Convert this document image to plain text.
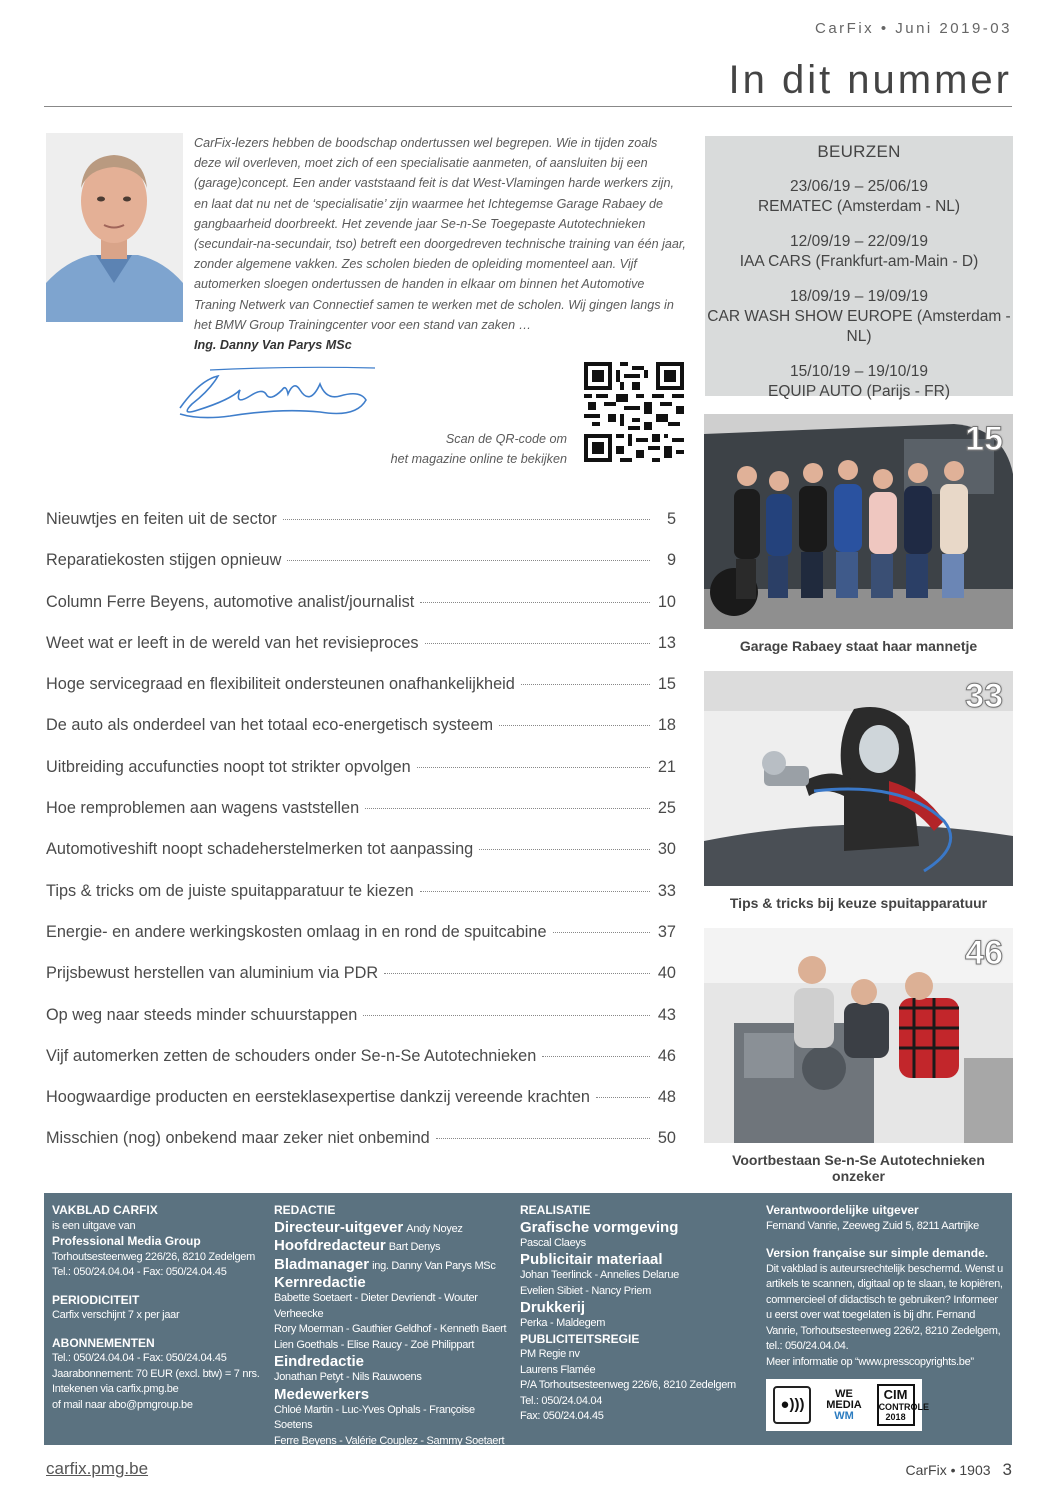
CarFix • Juni 2019-03
In dit nummer

CarFix-lezers hebben de boodschap ondertussen wel begrepen. Wie in tijden zoals deze wil overleven, moet zich of een specialisatie aanmeten, of aansluiten bij een (garage)concept. Een ander vaststaand feit is dat West-Vlamingen harde werkers zijn, en laat dat nu net de ‘specialisatie’ zijn waarmee het Ichtegemse Garage Rabaey de gangbaarheid doorbreekt. Het zevende jaar Se-n-Se Toegepaste Autotechnieken (secundair-na-secundair, tso) betreft een doorgedreven technische training van één jaar, zonder algemene vakken. Zes scholen bieden de opleiding momenteel aan. Vijf automerken sloegen ondertussen de handen in elkaar om binnen het Automotive Traning Netwerk van Connectief samen te werken met de scholen. Wij gingen langs in het BMW Group Trainingcenter voor een stand van zaken …

Ing. Danny Van Parys MSc

Scan de QR-code om
het magazine online te bekijken
BEURZEN
23/06/19 – 25/06/19
REMATEC (Amsterdam - NL)
12/09/19 – 22/09/19
IAA CARS (Frankfurt-am-Main - D)
18/09/19 – 19/09/19
CAR WASH SHOW EUROPE (Amsterdam - NL)
15/10/19 – 19/10/19
EQUIP AUTO (Parijs - FR)
Nieuwtjes en feiten uit de sector	5
Reparatiekosten stijgen opnieuw	9
Column Ferre Beyens, automotive analist/journalist	10
Weet wat er leeft in de wereld van het revisieproces	13
Hoge servicegraad en flexibiliteit ondersteunen onafhankelijkheid	15
De auto als onderdeel van het totaal eco-energetisch systeem	18
Uitbreiding accufuncties noopt tot strikter opvolgen	21
Hoe remproblemen aan wagens vaststellen	25
Automotiveshift noopt schadeherstelmerken tot aanpassing	30
Tips & tricks om de juiste spuitapparatuur te kiezen	33
Energie- en andere werkingskosten omlaag in en rond de spuitcabine	37
Prijsbewust herstellen van aluminium via PDR	40
Op weg naar steeds minder schuurstappen	43
Vijf automerken zetten de schouders onder Se-n-Se Autotechnieken	46
Hoogwaardige producten en eersteklasexpertise dankzij vereende krachten	48
Misschien (nog) onbekend maar zeker niet onbemind	50
15
Garage Rabaey staat haar mannetje
33
Tips & tricks bij keuze spuitapparatuur
46
Voortbestaan Se-n-Se Autotechnieken onzeker
VAKBLAD CARFIX
is een uitgave van
Professional Media Group
Torhoutsesteenweg 226/26, 8210 Zedelgem
Tel.: 050/24.04.04 - Fax: 050/24.04.45
PERIODICITEIT
Carfix verschijnt 7 x per jaar
ABONNEMENTEN
Tel.: 050/24.04.04 - Fax: 050/24.04.45
Jaarabonnement: 70 EUR (excl. btw) = 7 nrs.
Intekenen via carfix.pmg.be
of mail naar abo@pmgroup.be
REDACTIE
Directeur-uitgever Andy Noyez
Hoofdredacteur Bart Denys
Bladmanager ing. Danny Van Parys MSc
Kernredactie
Babette Soetaert - Dieter Devriendt - Wouter Verheecke
Rory Moerman - Gauthier Geldhof - Kenneth Baert
Lien Goethals - Elise Raucy - Zoë Philippart
Eindredactie
Jonathan Petyt - Nils Rauwoens
Medewerkers
Chloé Martin - Luc-Yves Ophals - Françoise Soetens
Ferre Beyens - Valérie Couplez - Sammy Soetaert
Tilly Baekelandt - Tony Meesdom - Kevin Vercauteren
REALISATIE
Grafische vormgeving
Pascal Claeys
Publicitair materiaal
Johan Teerlinck - Annelies Delarue
Evelien Sibiet - Nancy Priem
Drukkerij
Perka - Maldegem
PUBLICITEITSREGIE
PM Regie nv
Laurens Flamée
P/A Torhoutsesteenweg 226/6, 8210 Zedelgem
Tel.: 050/24.04.04
Fax: 050/24.04.45
Verantwoordelijke uitgever
Fernand Vanrie, Zeeweg Zuid 5, 8211 Aartrijke
Version française sur simple demande.
Dit vakblad is auteursrechtelijk beschermd. Wenst u artikels te scannen, digitaal op te slaan, te kopiëren, commercieel of didactisch te gebruiken? Informeer u eerst over wat toegelaten is bij dhr. Fernand Vanrie, Torhoutsesteenweg 226/2, 8210 Zedelgem, tel.: 050/24.04.04.
Meer informatie op “www.presscopyrights.be”
●)))
WE
MEDIA
WM
CIM
CONTROLE
2018
carfix.pmg.be	CarFix • 1903 3
